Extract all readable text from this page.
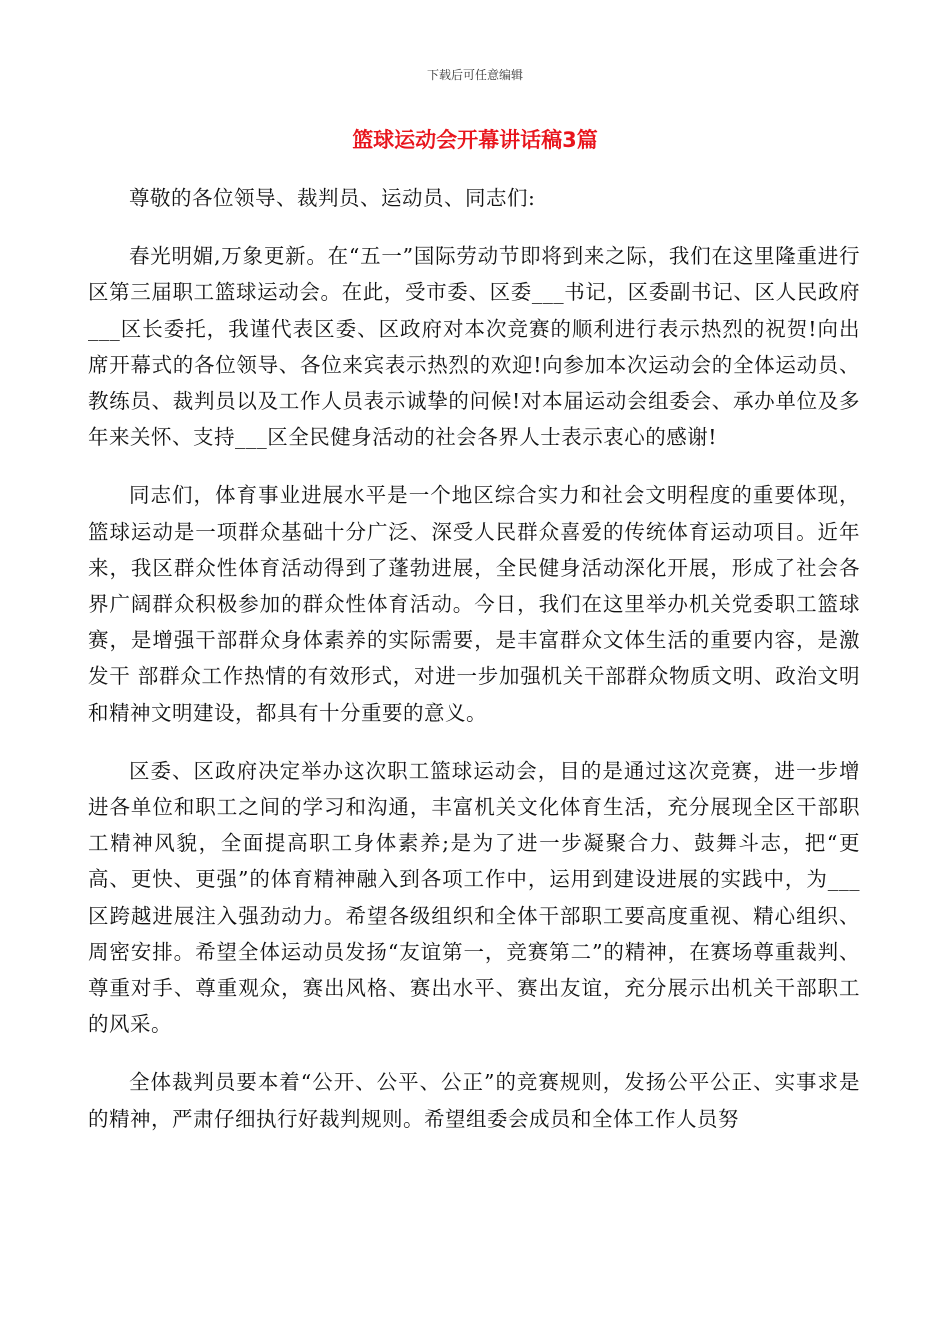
下载后可任意编辑
篮球运动会开幕讲话稿3篇

尊敬的各位领导、裁判员、运动员、同志们:

春光明媚,万象更新。在“五一”国际劳动节即将到来之际，我们在这里隆重进行区第三届职工篮球运动会。在此，受市委、区委___书记，区委副书记、区人民政府___区长委托，我谨代表区委、区政府对本次竞赛的顺利进行表示热烈的祝贺!向出席开幕式的各位领导、各位来宾表示热烈的欢迎!向参加本次运动会的全体运动员、教练员、裁判员以及工作人员表示诚挚的问候!对本届运动会组委会、承办单位及多年来关怀、支持___区全民健身活动的社会各界人士表示衷心的感谢!

同志们，体育事业进展水平是一个地区综合实力和社会文明程度的重要体现，篮球运动是一项群众基础十分广泛、深受人民群众喜爱的传统体育运动项目。近年来，我区群众性体育活动得到了蓬勃进展，全民健身活动深化开展，形成了社会各界广阔群众积极参加的群众性体育活动。今日，我们在这里举办机关党委职工篮球赛，是增强干部群众身体素养的实际需要，是丰富群众文体生活的重要内容，是激发干 部群众工作热情的有效形式，对进一步加强机关干部群众物质文明、政治文明和精神文明建设，都具有十分重要的意义。

区委、区政府决定举办这次职工篮球运动会，目的是通过这次竞赛，进一步增进各单位和职工之间的学习和沟通，丰富机关文化体育生活，充分展现全区干部职工精神风貌，全面提高职工身体素养;是为了进一步凝聚合力、鼓舞斗志，把“更高、更快、更强”的体育精神融入到各项工作中，运用到建设进展的实践中，为___区跨越进展注入强劲动力。希望各级组织和全体干部职工要高度重视、精心组织、周密安排。希望全体运动员发扬“友谊第一，竞赛第二”的精神，在赛场尊重裁判、尊重对手、尊重观众，赛出风格、赛出水平、赛出友谊，充分展示出机关干部职工的风采。

全体裁判员要本着“公开、公平、公正”的竞赛规则，发扬公平公正、实事求是的精神，严肃仔细执行好裁判规则。希望组委会成员和全体工作人员努
